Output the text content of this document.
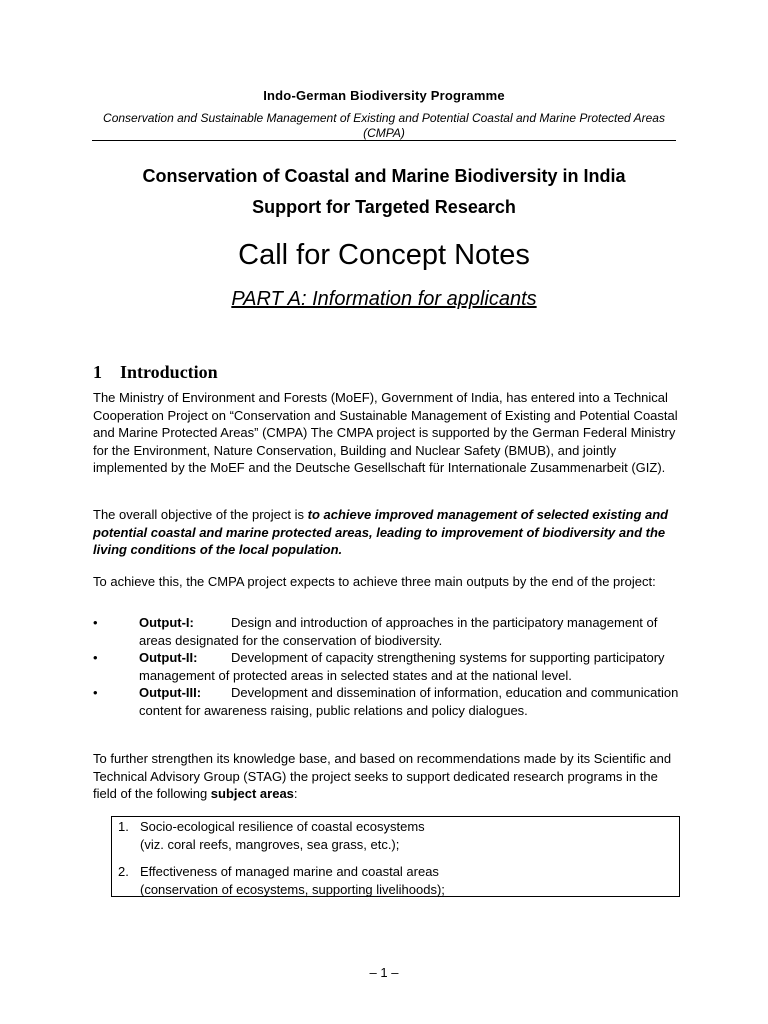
Indo-German Biodiversity Programme
Conservation and Sustainable Management of Existing and Potential Coastal and Marine Protected Areas (CMPA)
Conservation of Coastal and Marine Biodiversity in India
Support for Targeted Research
Call for Concept Notes
PART A: Information for applicants
1 Introduction
The Ministry of Environment and Forests (MoEF), Government of India, has entered into a Technical Cooperation Project on “Conservation and Sustainable Management of Existing and Potential Coastal and Marine Protected Areas” (CMPA) The CMPA project is supported by the German Federal Ministry for the Environment, Nature Conservation, Building and Nuclear Safety (BMUB), and jointly implemented by the MoEF and the Deutsche Gesellschaft für Internationale Zusammenarbeit (GIZ).
The overall objective of the project is to achieve improved management of selected existing and potential coastal and marine protected areas, leading to improvement of biodiversity and the living conditions of the local population.
To achieve this, the CMPA project expects to achieve three main outputs by the end of the project:
•	Output-I:	Design and introduction of approaches in the participatory management of areas designated for the conservation of biodiversity.
•	Output-II:	Development of capacity strengthening systems for supporting participatory management of protected areas in selected states and at the national level.
•	Output-III: Development and dissemination of information, education and communication content for awareness raising, public relations and policy dialogues.
To further strengthen its knowledge base, and based on recommendations made by its Scientific and Technical Advisory Group (STAG) the project seeks to support dedicated research programs in the field of the following subject areas:
1. Socio-ecological resilience of coastal ecosystems
(viz. coral reefs, mangroves, sea grass, etc.);
2. Effectiveness of managed marine and coastal areas
(conservation of ecosystems, supporting livelihoods);
– 1 –
